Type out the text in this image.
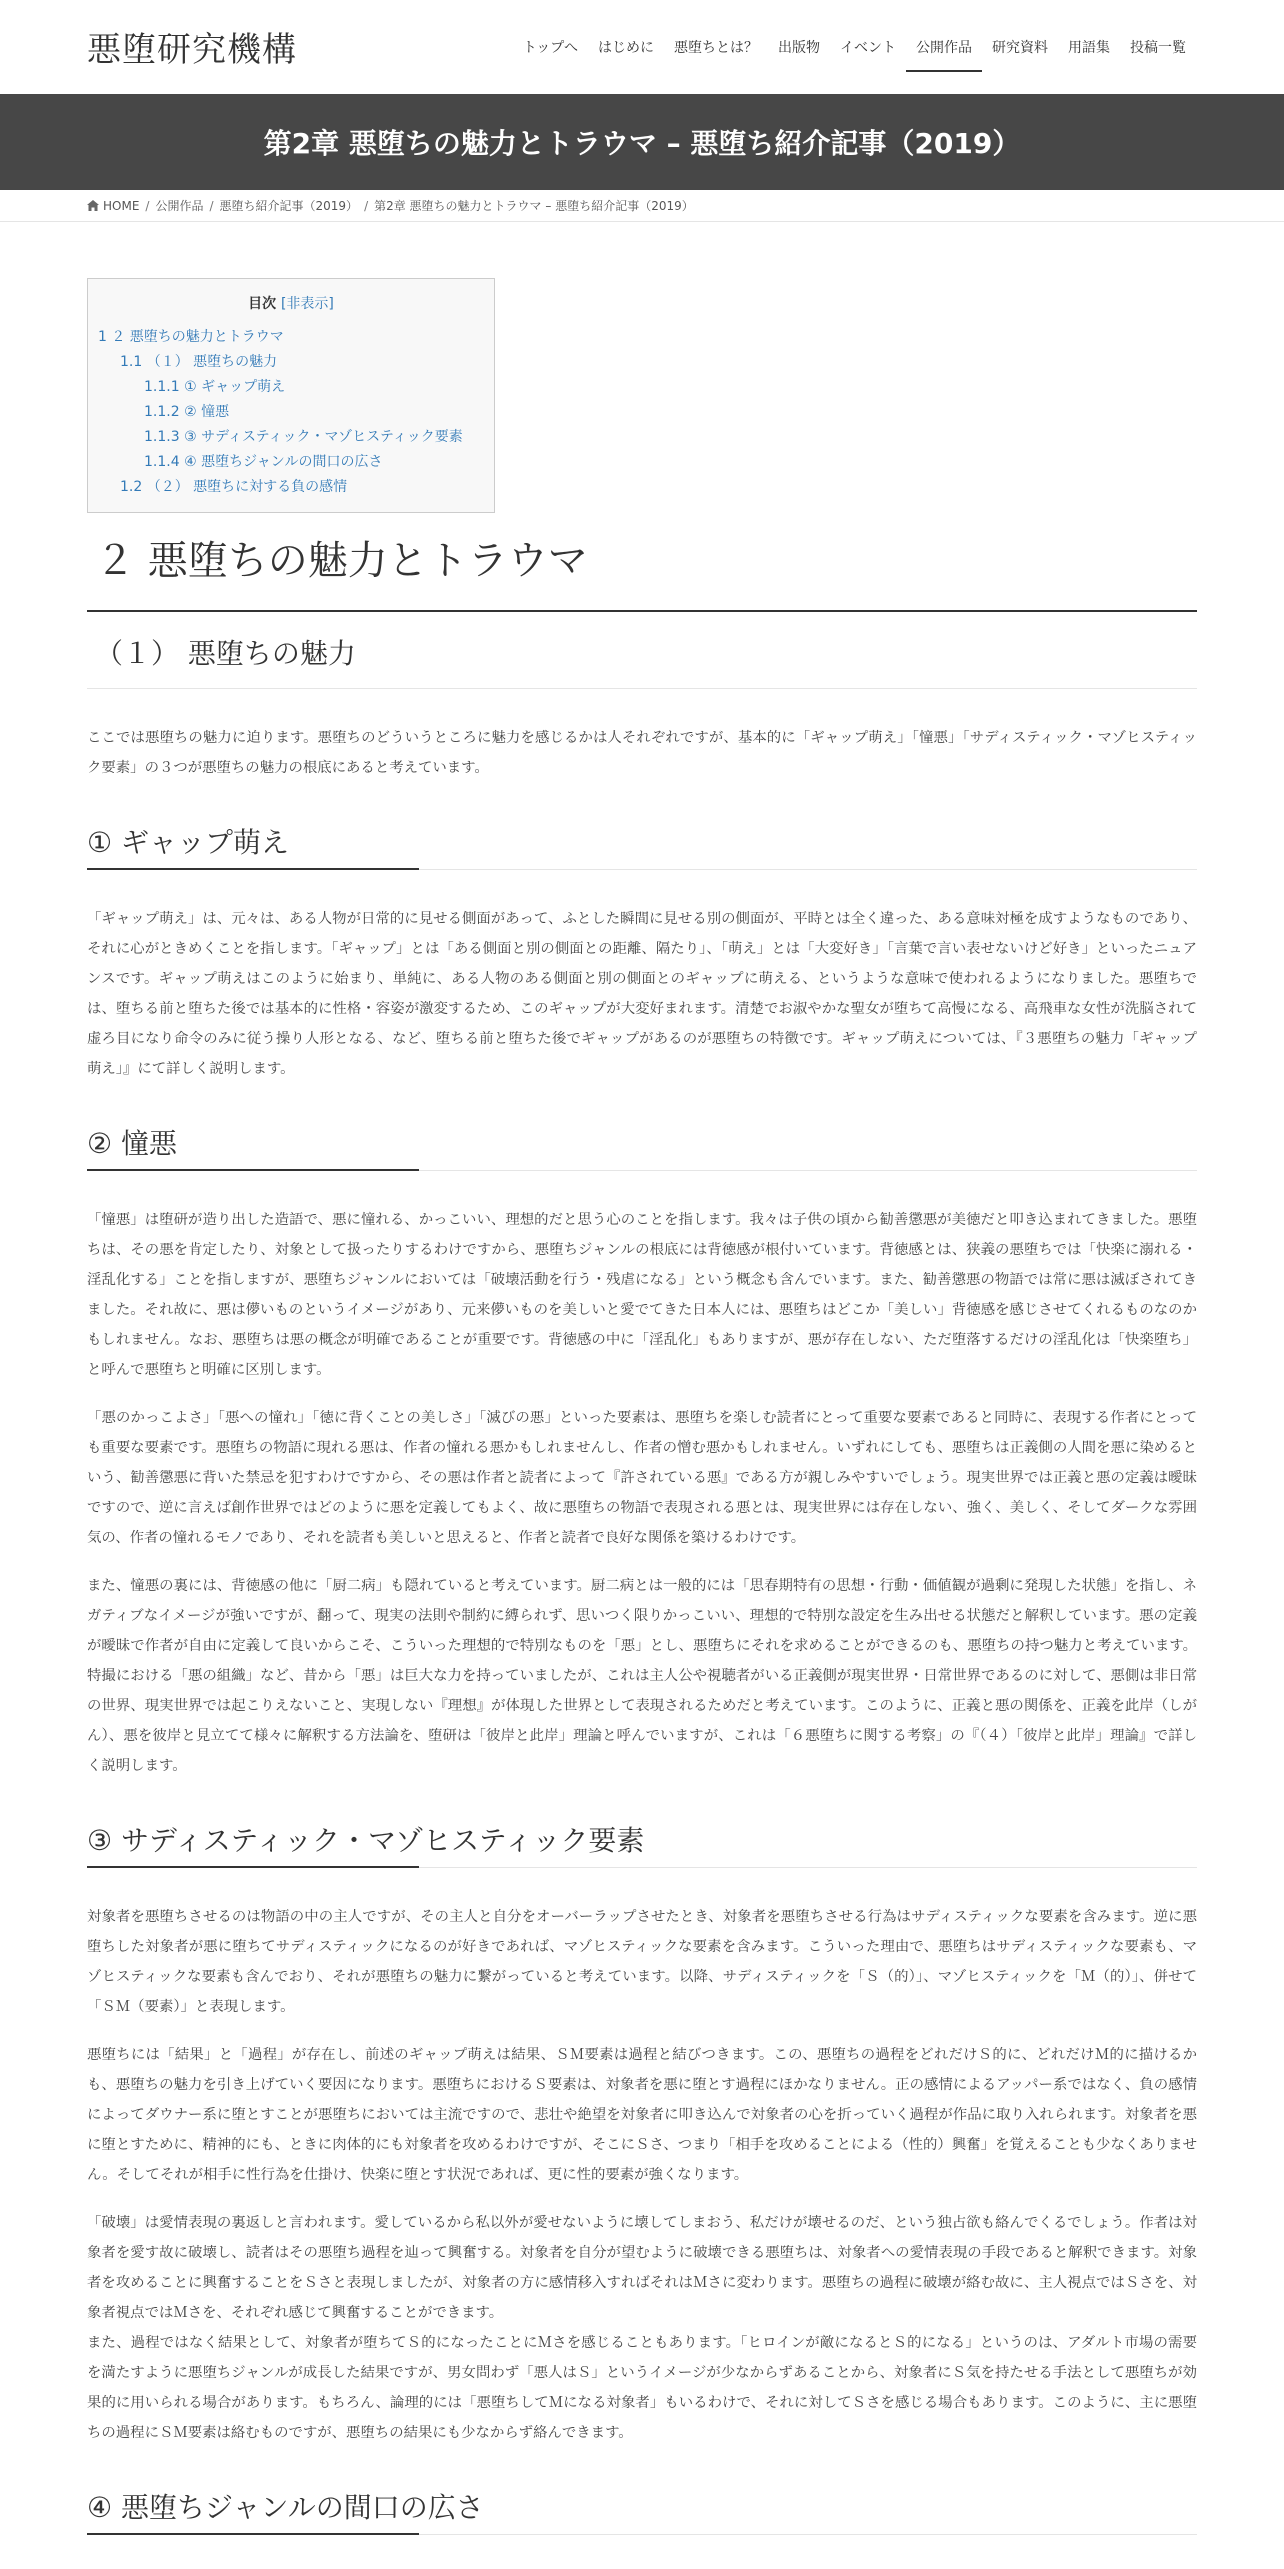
悪堕研究機構	トップへ	はじめに	悪堕ちとは？	出版物	イベント	公開作品	研究資料	用語集	投稿一覧
第2章 悪堕ちの魅力とトラウマ – 悪堕ち紹介記事（2019）
HOME / 公開作品 / 悪堕ち紹介記事（2019） / 第2章 悪堕ちの魅力とトラウマ – 悪堕ち紹介記事（2019）
目次 [非表示]
1 ２ 悪堕ちの魅力とトラウマ
1.1 （１） 悪堕ちの魅力
1.1.1 ① ギャップ萌え
1.1.2 ② 憧悪
1.1.3 ③ サディスティック・マゾヒスティック要素
1.1.4 ④ 悪堕ちジャンルの間口の広さ
1.2 （２） 悪堕ちに対する負の感情
２ 悪堕ちの魅力とトラウマ
（１） 悪堕ちの魅力

ここでは悪堕ちの魅力に迫ります。悪堕ちのどういうところに魅力を感じるかは人それぞれですが、基本的に「ギャップ萌え」「憧悪」「サディスティック・マゾヒスティック要素」の３つが悪堕ちの魅力の根底にあると考えています。

① ギャップ萌え

「ギャップ萌え」は、元々は、ある人物が日常的に見せる側面があって、ふとした瞬間に見せる別の側面が、平時とは全く違った、ある意味対極を成すようなものであり、それに心がときめくことを指します。「ギャップ」とは「ある側面と別の側面との距離、隔たり」、「萌え」とは「大変好き」「言葉で言い表せないけど好き」といったニュアンスです。ギャップ萌えはこのように始まり、単純に、ある人物のある側面と別の側面とのギャップに萌える、というような意味で使われるようになりました。悪堕ちでは、堕ちる前と堕ちた後では基本的に性格・容姿が激変するため、このギャップが大変好まれます。清楚でお淑やかな聖女が堕ちて高慢になる、高飛車な女性が洗脳されて虚ろ目になり命令のみに従う操り人形となる、など、堕ちる前と堕ちた後でギャップがあるのが悪堕ちの特徴です。ギャップ萌えについては、『３悪堕ちの魅力「ギャップ萌え」』にて詳しく説明します。

② 憧悪

「憧悪」は堕研が造り出した造語で、悪に憧れる、かっこいい、理想的だと思う心のことを指します。我々は子供の頃から勧善懲悪が美徳だと叩き込まれてきました。悪堕ちは、その悪を肯定したり、対象として扱ったりするわけですから、悪堕ちジャンルの根底には背徳感が根付いています。背徳感とは、狭義の悪堕ちでは「快楽に溺れる・淫乱化する」ことを指しますが、悪堕ちジャンルにおいては「破壊活動を行う・残虐になる」という概念も含んでいます。また、勧善懲悪の物語では常に悪は滅ぼされてきました。それ故に、悪は儚いものというイメージがあり、元来儚いものを美しいと愛でてきた日本人には、悪堕ちはどこか「美しい」背徳感を感じさせてくれるものなのかもしれません。なお、悪堕ちは悪の概念が明確であることが重要です。背徳感の中に「淫乱化」もありますが、悪が存在しない、ただ堕落するだけの淫乱化は「快楽堕ち」と呼んで悪堕ちと明確に区別します。

「悪のかっこよさ」「悪への憧れ」「徳に背くことの美しさ」「滅びの悪」といった要素は、悪堕ちを楽しむ読者にとって重要な要素であると同時に、表現する作者にとっても重要な要素です。悪堕ちの物語に現れる悪は、作者の憧れる悪かもしれませんし、作者の憎む悪かもしれません。いずれにしても、悪堕ちは正義側の人間を悪に染めるという、勧善懲悪に背いた禁忌を犯すわけですから、その悪は作者と読者によって『許されている悪』である方が親しみやすいでしょう。現実世界では正義と悪の定義は曖昧ですので、逆に言えば創作世界ではどのように悪を定義してもよく、故に悪堕ちの物語で表現される悪とは、現実世界には存在しない、強く、美しく、そしてダークな雰囲気の、作者の憧れるモノであり、それを読者も美しいと思えると、作者と読者で良好な関係を築けるわけです。

また、憧悪の裏には、背徳感の他に「厨二病」も隠れていると考えています。厨二病とは一般的には「思春期特有の思想・行動・価値観が過剰に発現した状態」を指し、ネガティブなイメージが強いですが、翻って、現実の法則や制約に縛られず、思いつく限りかっこいい、理想的で特別な設定を生み出せる状態だと解釈しています。悪の定義が曖昧で作者が自由に定義して良いからこそ、こういった理想的で特別なものを「悪」とし、悪堕ちにそれを求めることができるのも、悪堕ちの持つ魅力と考えています。特撮における「悪の組織」など、昔から「悪」は巨大な力を持っていましたが、これは主人公や視聴者がいる正義側が現実世界・日常世界であるのに対して、悪側は非日常の世界、現実世界では起こりえないこと、実現しない『理想』が体現した世界として表現されるためだと考えています。このように、正義と悪の関係を、正義を此岸（しがん）、悪を彼岸と見立てて様々に解釈する方法論を、堕研は「彼岸と此岸」理論と呼んでいますが、これは「６悪堕ちに関する考察」の『（４）「彼岸と此岸」理論』で詳しく説明します。

③ サディスティック・マゾヒスティック要素

対象者を悪堕ちさせるのは物語の中の主人ですが、その主人と自分をオーバーラップさせたとき、対象者を悪堕ちさせる行為はサディスティックな要素を含みます。逆に悪堕ちした対象者が悪に堕ちてサディスティックになるのが好きであれば、マゾヒスティックな要素を含みます。こういった理由で、悪堕ちはサディスティックな要素も、マゾヒスティックな要素も含んでおり、それが悪堕ちの魅力に繋がっていると考えています。以降、サディスティックを「Ｓ（的）」、マゾヒスティックを「Ｍ（的）」、併せて「ＳＭ（要素）」と表現します。

悪堕ちには「結果」と「過程」が存在し、前述のギャップ萌えは結果、ＳＭ要素は過程と結びつきます。この、悪堕ちの過程をどれだけＳ的に、どれだけＭ的に描けるかも、悪堕ちの魅力を引き上げていく要因になります。悪堕ちにおけるＳ要素は、対象者を悪に堕とす過程にほかなりません。正の感情によるアッパー系ではなく、負の感情によってダウナー系に堕とすことが悪堕ちにおいては主流ですので、悲壮や絶望を対象者に叩き込んで対象者の心を折っていく過程が作品に取り入れられます。対象者を悪に堕とすために、精神的にも、ときに肉体的にも対象者を攻めるわけですが、そこにＳさ、つまり「相手を攻めることによる（性的）興奮」を覚えることも少なくありません。そしてそれが相手に性行為を仕掛け、快楽に堕とす状況であれば、更に性的要素が強くなります。

「破壊」は愛情表現の裏返しと言われます。愛しているから私以外が愛せないように壊してしまおう、私だけが壊せるのだ、という独占欲も絡んでくるでしょう。作者は対象者を愛す故に破壊し、読者はその悪堕ち過程を辿って興奮する。対象者を自分が望むように破壊できる悪堕ちは、対象者への愛情表現の手段であると解釈できます。対象者を攻めることに興奮することをＳさと表現しましたが、対象者の方に感情移入すればそれはＭさに変わります。悪堕ちの過程に破壊が絡む故に、主人視点ではＳさを、対象者視点ではＭさを、それぞれ感じて興奮することができます。

また、過程ではなく結果として、対象者が堕ちてＳ的になったことにＭさを感じることもあります。「ヒロインが敵になるとＳ的になる」というのは、アダルト市場の需要を満たすように悪堕ちジャンルが成長した結果ですが、男女問わず「悪人はＳ」というイメージが少なからずあることから、対象者にＳ気を持たせる手法として悪堕ちが効果的に用いられる場合があります。もちろん、論理的には「悪堕ちしてＭになる対象者」もいるわけで、それに対してＳさを感じる場合もあります。このように、主に悪堕ちの過程にＳＭ要素は絡むものですが、悪堕ちの結果にも少なからず絡んできます。

④ 悪堕ちジャンルの間口の広さ
